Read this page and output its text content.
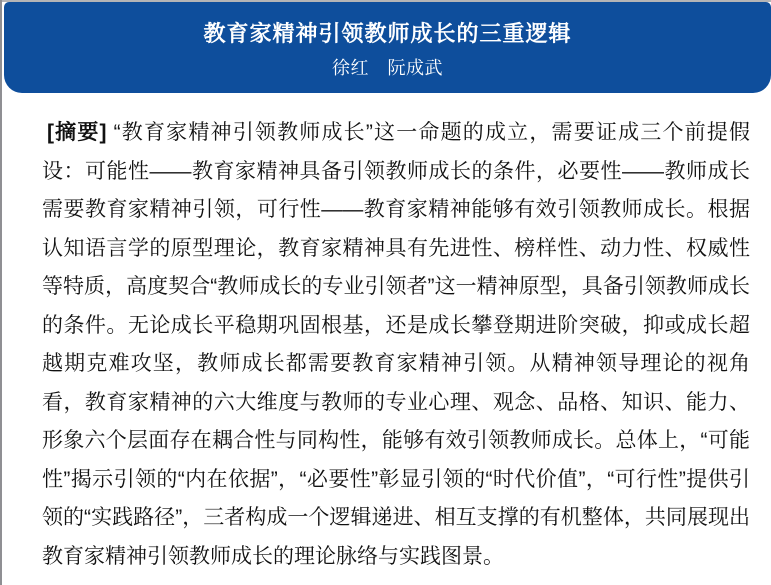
教育家精神引领教师成长的三重逻辑
徐红　阮成武

[摘要] “教育家精神引领教师成长”这一命题的成立，需要证成三个前提假设：可能性——教育家精神具备引领教师成长的条件，必要性——教师成长需要教育家精神引领，可行性——教育家精神能够有效引领教师成长。根据认知语言学的原型理论，教育家精神具有先进性、榜样性、动力性、权威性等特质，高度契合“教师成长的专业引领者”这一精神原型，具备引领教师成长的条件。无论成长平稳期巩固根基，还是成长攀登期进阶突破，抑或成长超越期克难攻坚，教师成长都需要教育家精神引领。从精神领导理论的视角看，教育家精神的六大维度与教师的专业心理、观念、品格、知识、能力、形象六个层面存在耦合性与同构性，能够有效引领教师成长。总体上，“可能性”揭示引领的“内在依据”，“必要性”彰显引领的“时代价值”，“可行性”提供引领的“实践路径”，三者构成一个逻辑递进、相互支撑的有机整体，共同展现出教育家精神引领教师成长的理论脉络与实践图景。
